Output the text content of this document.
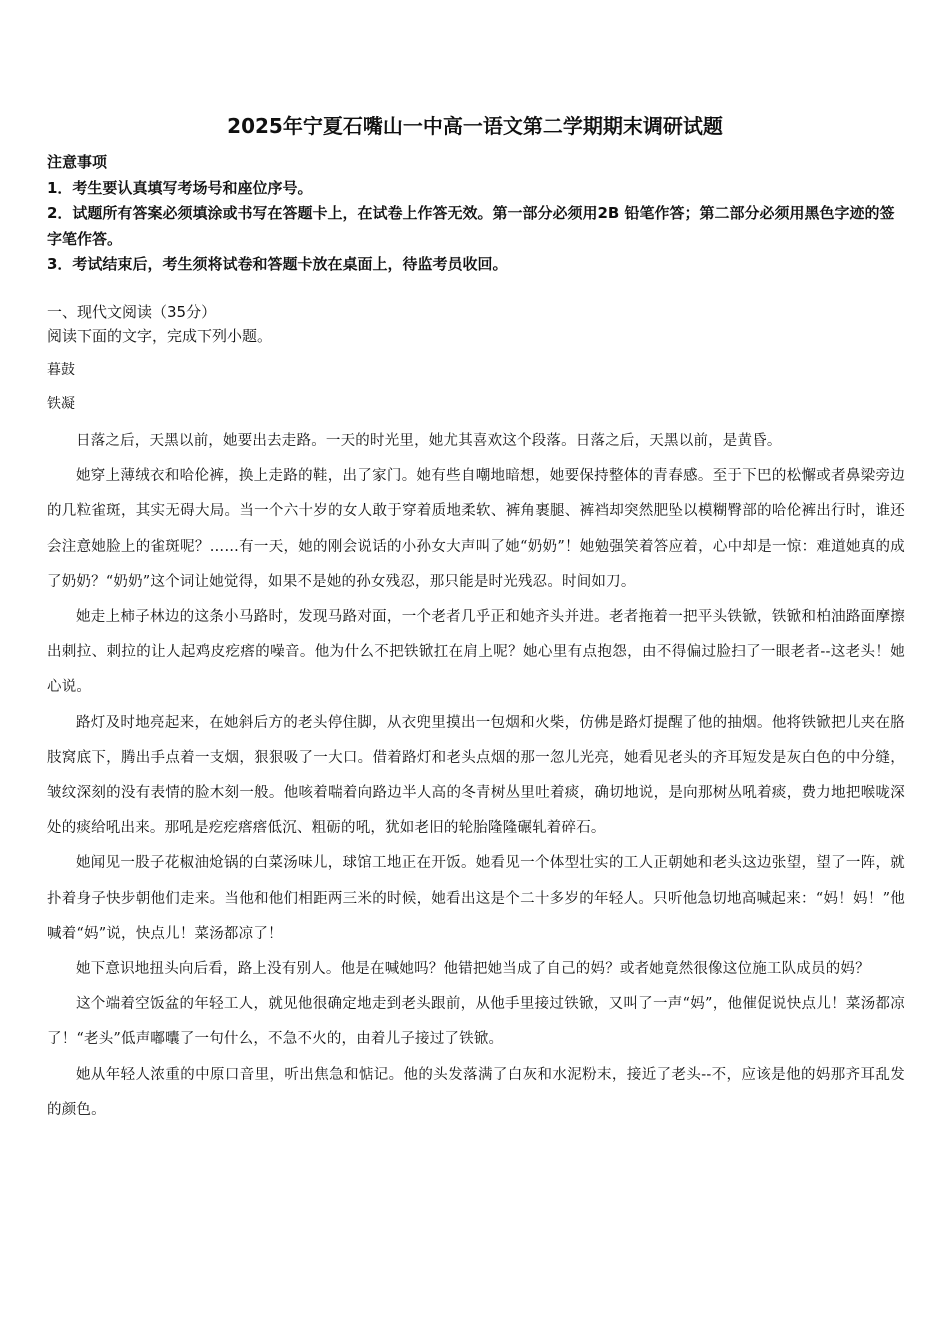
2025年宁夏石嘴山一中高一语文第二学期期末调研试题
注意事项
1．考生要认真填写考场号和座位序号。
2．试题所有答案必须填涂或书写在答题卡上，在试卷上作答无效。第一部分必须用2B 铅笔作答；第二部分必须用黑色字迹的签字笔作答。
3．考试结束后，考生须将试卷和答题卡放在桌面上，待监考员收回。
一、现代文阅读（35分）
阅读下面的文字，完成下列小题。
暮鼓
铁凝

日落之后，天黑以前，她要出去走路。一天的时光里，她尤其喜欢这个段落。日落之后，天黑以前，是黄昏。

她穿上薄绒衣和哈伦裤，换上走路的鞋，出了家门。她有些自嘲地暗想，她要保持整体的青春感。至于下巴的松懈或者鼻梁旁边的几粒雀斑，其实无碍大局。当一个六十岁的女人敢于穿着质地柔软、裤角裹腿、裤裆却突然肥坠以模糊臀部的哈伦裤出行时，谁还会注意她脸上的雀斑呢？……有一天，她的刚会说话的小孙女大声叫了她“奶奶”！她勉强笑着答应着，心中却是一惊：难道她真的成了奶奶？“奶奶”这个词让她觉得，如果不是她的孙女残忍，那只能是时光残忍。时间如刀。

她走上柿子林边的这条小马路时，发现马路对面，一个老者几乎正和她齐头并进。老者拖着一把平头铁锨，铁锨和柏油路面摩擦出刺拉、刺拉的让人起鸡皮疙瘩的噪音。他为什么不把铁锨扛在肩上呢？她心里有点抱怨，由不得偏过脸扫了一眼老者--这老头！她心说。

路灯及时地亮起来，在她斜后方的老头停住脚，从衣兜里摸出一包烟和火柴，仿佛是路灯提醒了他的抽烟。他将铁锨把儿夹在胳肢窝底下，腾出手点着一支烟，狠狠吸了一大口。借着路灯和老头点烟的那一忽儿光亮，她看见老头的齐耳短发是灰白色的中分缝，皱纹深刻的没有表情的脸木刻一般。他咳着喘着向路边半人高的冬青树丛里吐着痰，确切地说，是向那树丛吼着痰，费力地把喉咙深处的痰给吼出来。那吼是疙疙瘩瘩低沉、粗砺的吼，犹如老旧的轮胎隆隆碾轧着碎石。

她闻见一股子花椒油炝锅的白菜汤味儿，球馆工地正在开饭。她看见一个体型壮实的工人正朝她和老头这边张望，望了一阵，就扑着身子快步朝他们走来。当他和他们相距两三米的时候，她看出这是个二十多岁的年轻人。只听他急切地高喊起来：“妈！妈！”他喊着“妈”说，快点儿！菜汤都凉了！

她下意识地扭头向后看，路上没有别人。他是在喊她吗？他错把她当成了自己的妈？或者她竟然很像这位施工队成员的妈？

这个端着空饭盆的年轻工人，就见他很确定地走到老头跟前，从他手里接过铁锨，又叫了一声“妈”，他催促说快点儿！菜汤都凉了！“老头”低声嘟囔了一句什么，不急不火的，由着儿子接过了铁锨。

她从年轻人浓重的中原口音里，听出焦急和惦记。他的头发落满了白灰和水泥粉末，接近了老头--不，应该是他的妈那齐耳乱发的颜色。
